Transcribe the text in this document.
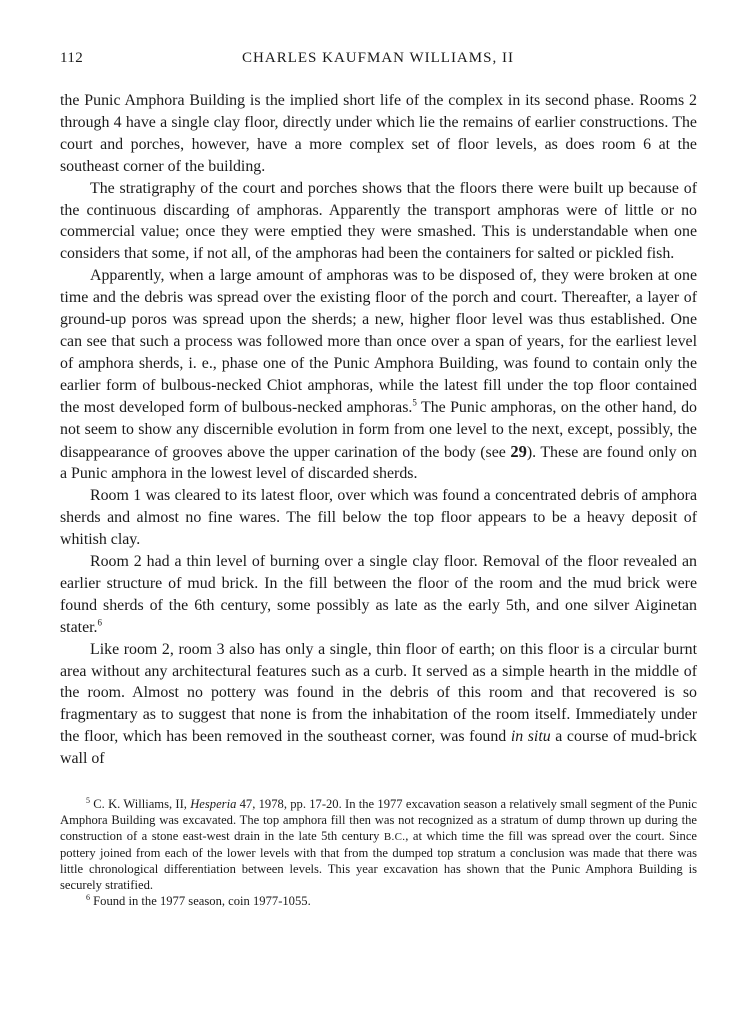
112	CHARLES KAUFMAN WILLIAMS, II

the Punic Amphora Building is the implied short life of the complex in its second phase. Rooms 2 through 4 have a single clay floor, directly under which lie the remains of earlier constructions. The court and porches, however, have a more complex set of floor levels, as does room 6 at the southeast corner of the building.

The stratigraphy of the court and porches shows that the floors there were built up because of the continuous discarding of amphoras. Apparently the transport amphoras were of little or no commercial value; once they were emptied they were smashed. This is understandable when one considers that some, if not all, of the amphoras had been the containers for salted or pickled fish.

Apparently, when a large amount of amphoras was to be disposed of, they were broken at one time and the debris was spread over the existing floor of the porch and court. Thereafter, a layer of ground-up poros was spread upon the sherds; a new, higher floor level was thus established. One can see that such a process was followed more than once over a span of years, for the earliest level of amphora sherds, i. e., phase one of the Punic Amphora Building, was found to contain only the earlier form of bulbous-necked Chiot amphoras, while the latest fill under the top floor contained the most developed form of bulbous-necked amphoras.$^5$ The Punic amphoras, on the other hand, do not seem to show any discernible evolution in form from one level to the next, except, possibly, the disappearance of grooves above the upper carination of the body (see 29). These are found only on a Punic amphora in the lowest level of discarded sherds.

Room 1 was cleared to its latest floor, over which was found a concentrated debris of amphora sherds and almost no fine wares. The fill below the top floor appears to be a heavy deposit of whitish clay.

Room 2 had a thin level of burning over a single clay floor. Removal of the floor revealed an earlier structure of mud brick. In the fill between the floor of the room and the mud brick were found sherds of the 6th century, some possibly as late as the early 5th, and one silver Aiginetan stater.$^6$

Like room 2, room 3 also has only a single, thin floor of earth; on this floor is a circular burnt area without any architectural features such as a curb. It served as a simple hearth in the middle of the room. Almost no pottery was found in the debris of this room and that recovered is so fragmentary as to suggest that none is from the inhabitation of the room itself. Immediately under the floor, which has been removed in the southeast corner, was found in situ a course of mud-brick wall of

$^5$ C. K. Williams, II, Hesperia 47, 1978, pp. 17-20. In the 1977 excavation season a relatively small segment of the Punic Amphora Building was excavated. The top amphora fill then was not recognized as a stratum of dump thrown up during the construction of a stone east-west drain in the late 5th century B.C., at which time the fill was spread over the court. Since pottery joined from each of the lower levels with that from the dumped top stratum a conclusion was made that there was little chronological differentiation between levels. This year excavation has shown that the Punic Amphora Building is securely stratified.

$^6$ Found in the 1977 season, coin 1977-1055.
